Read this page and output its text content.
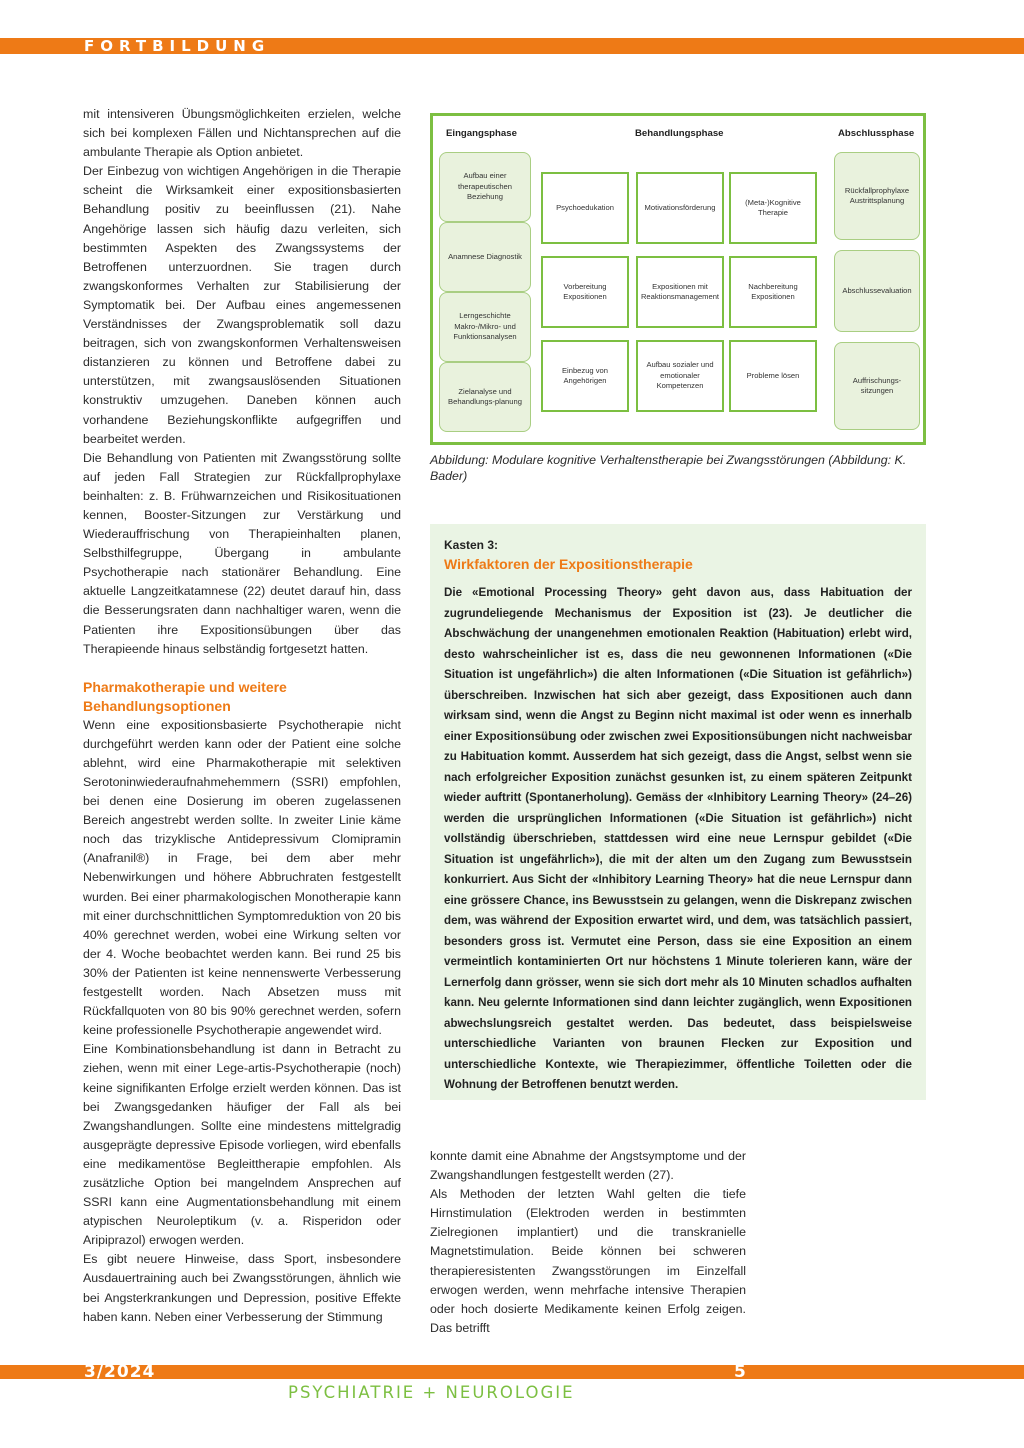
FORTBILDUNG

mit intensiveren Übungsmöglichkeiten erzielen, welche sich bei komplexen Fällen und Nichtansprechen auf die ambulante Therapie als Option anbietet.

Der Einbezug von wichtigen Angehörigen in die Therapie scheint die Wirksamkeit einer expositionsbasierten Behandlung positiv zu beeinflussen (21). Nahe Angehörige lassen sich häufig dazu verleiten, sich bestimmten Aspekten des Zwangssystems der Betroffenen unterzuordnen. Sie tragen durch zwangskonformes Verhalten zur Stabilisierung der Symptomatik bei. Der Aufbau eines angemessenen Verständnisses der Zwangsproblematik soll dazu beitragen, sich von zwangskonformen Verhaltensweisen distanzieren zu können und Betroffene dabei zu unterstützen, mit zwangsauslösenden Situationen konstruktiv umzugehen. Daneben können auch vorhandene Beziehungskonflikte aufgegriffen und bearbeitet werden.

Die Behandlung von Patienten mit Zwangsstörung sollte auf jeden Fall Strategien zur Rückfallprophylaxe beinhalten: z. B. Frühwarnzeichen und Risikosituationen kennen, Booster-Sitzungen zur Verstärkung und Wiederauffrischung von Therapieinhalten planen, Selbsthilfegruppe, Übergang in ambulante Psychotherapie nach stationärer Behandlung. Eine aktuelle Langzeitkatamnese (22) deutet darauf hin, dass die Besserungsraten dann nachhaltiger waren, wenn die Patienten ihre Expositionsübungen über das Therapieende hinaus selbständig fortgesetzt hatten.

Pharmakotherapie und weitere Behandlungsoptionen

Wenn eine expositionsbasierte Psychotherapie nicht durchgeführt werden kann oder der Patient eine solche ablehnt, wird eine Pharmakotherapie mit selektiven Serotoninwiederaufnahmehemmern (SSRI) empfohlen, bei denen eine Dosierung im oberen zugelassenen Bereich angestrebt werden sollte. In zweiter Linie käme noch das trizyklische Antidepressivum Clomipramin (Anafranil®) in Frage, bei dem aber mehr Nebenwirkungen und höhere Abbruchraten festgestellt wurden. Bei einer pharmakologischen Monotherapie kann mit einer durchschnittlichen Symptomreduktion von 20 bis 40% gerechnet werden, wobei eine Wirkung selten vor der 4. Woche beobachtet werden kann. Bei rund 25 bis 30% der Patienten ist keine nennenswerte Verbesserung festgestellt worden. Nach Absetzen muss mit Rückfallquoten von 80 bis 90% gerechnet werden, sofern keine professionelle Psychotherapie angewendet wird.

Eine Kombinationsbehandlung ist dann in Betracht zu ziehen, wenn mit einer Lege-artis-Psychotherapie (noch) keine signifikanten Erfolge erzielt werden können. Das ist bei Zwangsgedanken häufiger der Fall als bei Zwangshandlungen. Sollte eine mindestens mittelgradig ausgeprägte depressive Episode vorliegen, wird ebenfalls eine medikamentöse Begleittherapie empfohlen. Als zusätzliche Option bei mangelndem Ansprechen auf SSRI kann eine Augmentationsbehandlung mit einem atypischen Neuroleptikum (v. a. Risperidon oder Aripiprazol) erwogen werden.

Es gibt neuere Hinweise, dass Sport, insbesondere Ausdauertraining auch bei Zwangsstörungen, ähnlich wie bei Angsterkrankungen und Depression, positive Effekte haben kann. Neben einer Verbesserung der Stimmung

Eingangsphase	Behandlungsphase	Abschlussphase
Aufbau einer therapeutischen Beziehung
Anamnese Diagnostik
Lerngeschichte Makro-/Mikro- und Funktionsanalysen
Zielanalyse und Behandlungs-planung
Psychoedukation	Motivationsförderung
(Meta-)Kognitive Therapie
Vorbereitung Expositionen
Expositionen mit Reaktionsmanagement
Nachbereitung Expositionen
Einbezug von Angehörigen
Aufbau sozialer und emotionaler Kompetenzen
Probleme lösen
Rückfallprophylaxe Austrittsplanung
Abschlussevaluation
Auffrischungs-sitzungen
Abbildung: Modulare kognitive Verhaltenstherapie bei Zwangsstörungen (Abbildung: K. Bader)
Kasten 3:
Wirkfaktoren der Expositionstherapie
Die «Emotional Processing Theory» geht davon aus, dass Habituation der zugrundeliegende Mechanismus der Exposition ist (23). Je deutlicher die Abschwächung der unangenehmen emotionalen Reaktion (Habituation) erlebt wird, desto wahrscheinlicher ist es, dass die neu gewonnenen Informationen («Die Situation ist ungefährlich») die alten Informationen («Die Situation ist gefährlich») überschreiben. Inzwischen hat sich aber gezeigt, dass Expositionen auch dann wirksam sind, wenn die Angst zu Beginn nicht maximal ist oder wenn es innerhalb einer Expositionsübung oder zwischen zwei Expositionsübungen nicht nachweisbar zu Habituation kommt. Ausserdem hat sich gezeigt, dass die Angst, selbst wenn sie nach erfolgreicher Exposition zunächst gesunken ist, zu einem späteren Zeitpunkt wieder auftritt (Spontanerholung). Gemäss der «Inhibitory Learning Theory» (24–26) werden die ursprünglichen Informationen («Die Situation ist gefährlich») nicht vollständig überschrieben, stattdessen wird eine neue Lernspur gebildet («Die Situation ist ungefährlich»), die mit der alten um den Zugang zum Bewusstsein konkurriert. Aus Sicht der «Inhibitory Learning Theory» hat die neue Lernspur dann eine grössere Chance, ins Bewusstsein zu gelangen, wenn die Diskrepanz zwischen dem, was während der Exposition erwartet wird, und dem, was tatsächlich passiert, besonders gross ist. Vermutet eine Person, dass sie eine Exposition an einem vermeintlich kontaminierten Ort nur höchstens 1 Minute tolerieren kann, wäre der Lernerfolg dann grösser, wenn sie sich dort mehr als 10 Minuten schadlos aufhalten kann. Neu gelernte Informationen sind dann leichter zugänglich, wenn Expositionen abwechslungsreich gestaltet werden. Das bedeutet, dass beispielsweise unterschiedliche Varianten von braunen Flecken zur Exposition und unterschiedliche Kontexte, wie Therapiezimmer, öffentliche Toiletten oder die Wohnung der Betroffenen benutzt werden.

konnte damit eine Abnahme der Angstsymptome und der Zwangshandlungen festgestellt werden (27).

Als Methoden der letzten Wahl gelten die tiefe Hirnstimulation (Elektroden werden in bestimmten Zielregionen implantiert) und die transkranielle Magnetstimulation. Beide können bei schweren therapieresistenten Zwangsstörungen im Einzelfall erwogen werden, wenn mehrfache intensive Therapien oder hoch dosierte Medikamente keinen Erfolg zeigen. Das betrifft

3/2024	5
PSYCHIATRIE + NEUROLOGIE
